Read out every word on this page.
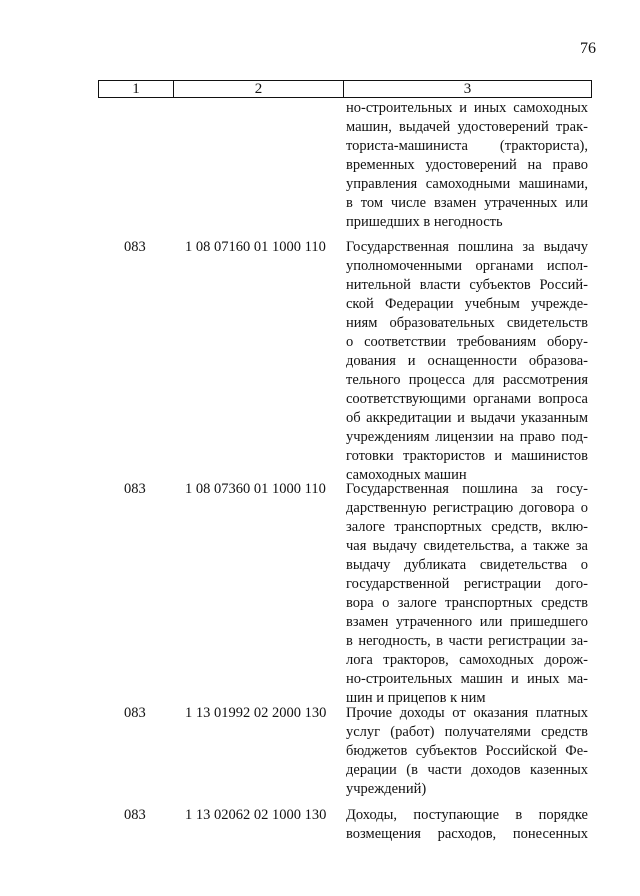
76
1	2	3
но-строительных и иных самоходных
машин, выдачей удостоверений трак-
ториста-машиниста (тракториста),
временных удостоверений на право
управления самоходными машинами,
в том числе взамен утраченных или
пришедших в негодность
083	1 08 07160 01 1000 110 Государственная пошлина за выдачу
уполномоченными органами испол-
нительной власти субъектов Россий-
ской Федерации учебным учрежде-
ниям образовательных свидетельств
о соответствии требованиям обору-
дования и оснащенности образова-
тельного процесса для рассмотрения
соответствующими органами вопроса
об аккредитации и выдачи указанным
учреждениям лицензии на право под-
готовки трактористов и машинистов
самоходных машин
083	1 08 07360 01 1000 110 Государственная пошлина за госу-
дарственную регистрацию договора о
залоге транспортных средств, вклю-
чая выдачу свидетельства, а также за
выдачу дубликата свидетельства о
государственной регистрации дого-
вора о залоге транспортных средств
взамен утраченного или пришедшего
в негодность, в части регистрации за-
лога тракторов, самоходных дорож-
но-строительных машин и иных ма-
шин и прицепов к ним
083	1 13 01992 02 2000 130 Прочие доходы от оказания платных
услуг (работ) получателями средств
бюджетов субъектов Российской Фе-
дерации (в части доходов казенных
учреждений)
083	1 13 02062 02 1000 130 Доходы, поступающие в порядке
возмещения расходов, понесенных
